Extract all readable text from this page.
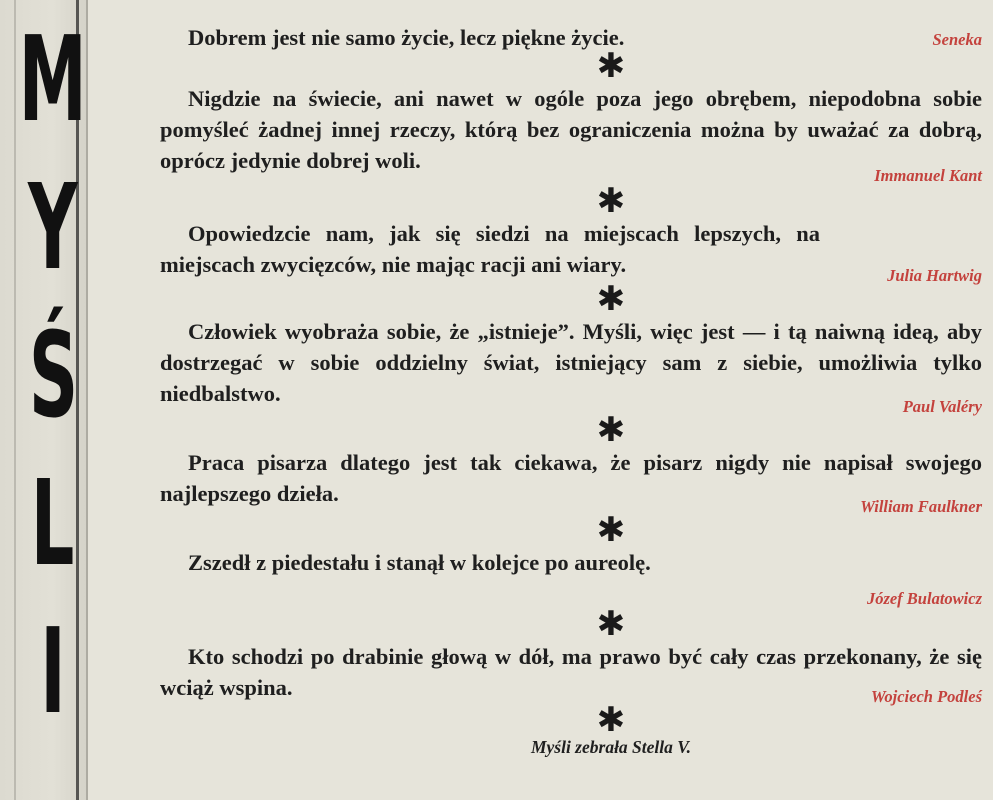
M
Y
Ś
L
I

Dobrem jest nie samo życie, lecz piękne życie.	Seneka
✱

Nigdzie na świecie, ani nawet w ogóle poza jego obrębem, niepodobna sobie pomyśleć żadnej innej rzeczy, którą bez ograniczenia można by uważać za dobrą, oprócz jedynie dobrej woli.

Immanuel Kant
✱

Opowiedzcie nam, jak się siedzi na miejscach lepszych, na miejscach zwycięzców, nie mając racji ani wiary.	Julia Hartwig
✱

Człowiek wyobraża sobie, że „istnieje”. Myśli, więc jest — i tą naiwną ideą, aby dostrzegać w sobie oddzielny świat, istniejący sam z siebie, umożliwia tylko niedbalstwo.

Paul Valéry
✱

Praca pisarza dlatego jest tak ciekawa, że pisarz nigdy nie napisał swojego najlepszego dzieła.

William Faulkner
✱

Zszedł z piedestału i stanął w kolejce po aureolę.

Józef Bulatowicz
✱

Kto schodzi po drabinie głową w dół, ma prawo być cały czas przekonany, że się wciąż wspina.	Wojciech Podleś
✱
Myśli zebrała Stella V.
